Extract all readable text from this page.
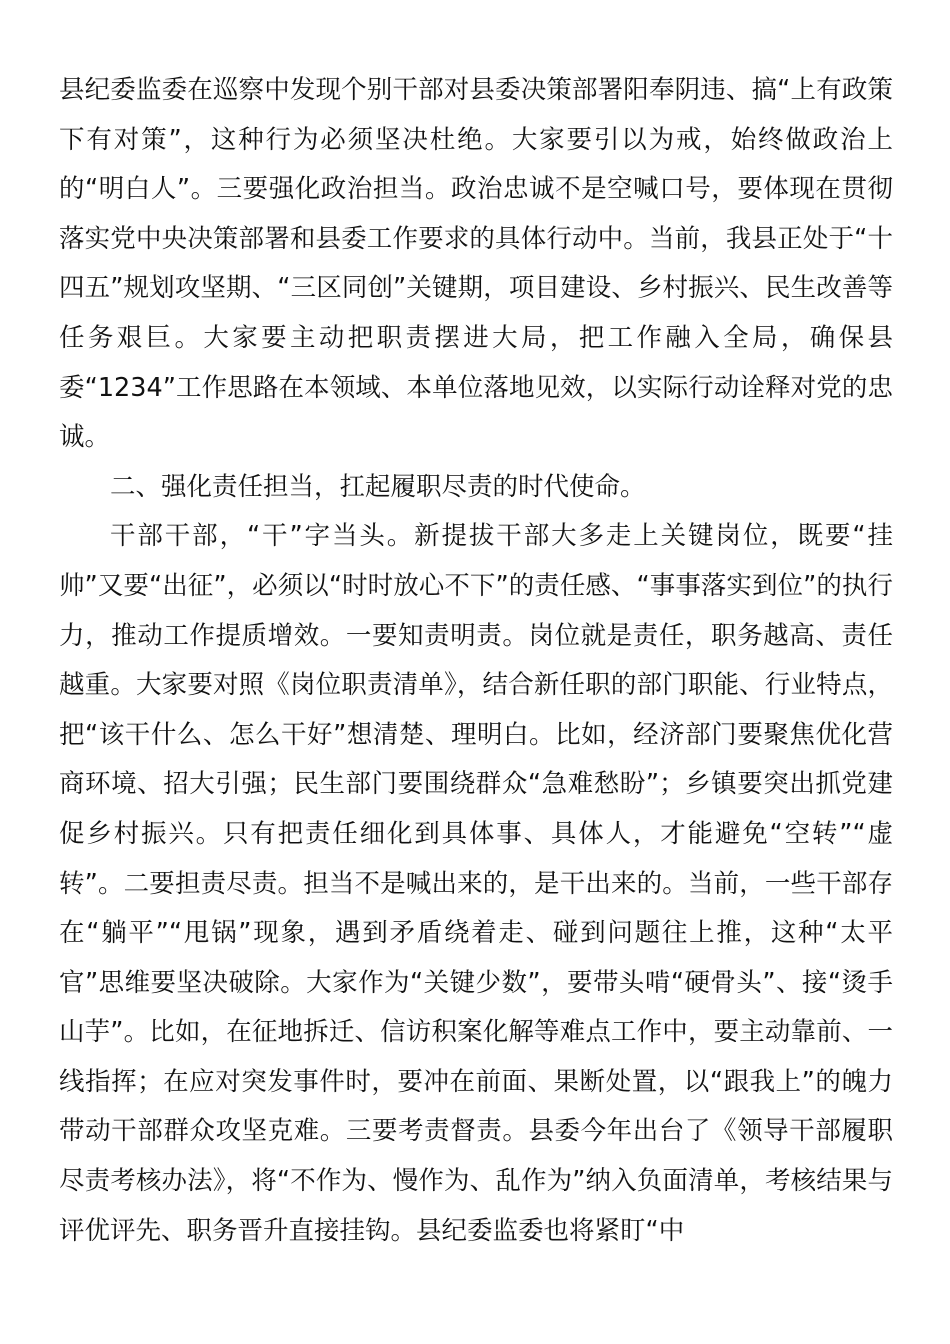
县纪委监委在巡察中发现个别干部对县委决策部署阳奉阴违、搞“上有政策下有对策”，这种行为必须坚决杜绝。大家要引以为戒，始终做政治上的“明白人”。三要强化政治担当。政治忠诚不是空喊口号，要体现在贯彻落实党中央决策部署和县委工作要求的具体行动中。当前，我县正处于“十四五”规划攻坚期、“三区同创”关键期，项目建设、乡村振兴、民生改善等任务艰巨。大家要主动把职责摆进大局，把工作融入全局，确保县委“1234”工作思路在本领域、本单位落地见效，以实际行动诠释对党的忠诚。

二、强化责任担当，扛起履职尽责的时代使命。

干部干部，“干”字当头。新提拔干部大多走上关键岗位，既要“挂帅”又要“出征”，必须以“时时放心不下”的责任感、“事事落实到位”的执行力，推动工作提质增效。一要知责明责。岗位就是责任，职务越高、责任越重。大家要对照《岗位职责清单》，结合新任职的部门职能、行业特点，把“该干什么、怎么干好”想清楚、理明白。比如，经济部门要聚焦优化营商环境、招大引强；民生部门要围绕群众“急难愁盼”；乡镇要突出抓党建促乡村振兴。只有把责任细化到具体事、具体人，才能避免“空转”“虚转”。二要担责尽责。担当不是喊出来的，是干出来的。当前，一些干部存在“躺平”“甩锅”现象，遇到矛盾绕着走、碰到问题往上推，这种“太平官”思维要坚决破除。大家作为“关键少数”，要带头啃“硬骨头”、接“烫手山芋”。比如，在征地拆迁、信访积案化解等难点工作中，要主动靠前、一线指挥；在应对突发事件时，要冲在前面、果断处置，以“跟我上”的魄力带动干部群众攻坚克难。三要考责督责。县委今年出台了《领导干部履职尽责考核办法》，将“不作为、慢作为、乱作为”纳入负面清单，考核结果与评优评先、职务晋升直接挂钩。县纪委监委也将紧盯“中
